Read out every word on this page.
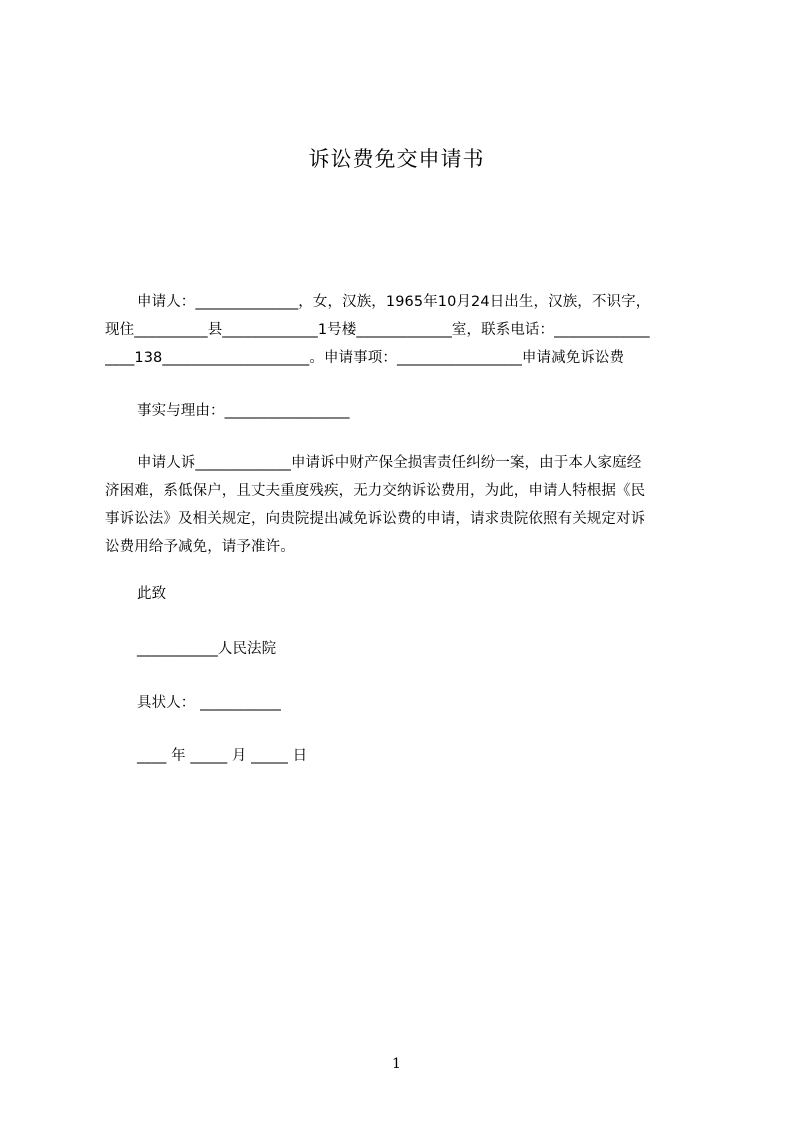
诉讼费免交申请书
申请人：______________，女，汉族，1965年10月24日出生，汉族，不识字，
现住__________县_____________1号楼_____________室，联系电话：_____________
____138____________________。申请事项：_________________申请减免诉讼费
事实与理由：_________________
申请人诉_____________申请诉中财产保全损害责任纠纷一案，由于本人家庭经
济困难，系低保户，且丈夫重度残疾，无力交纳诉讼费用，为此，申请人特根据《民
事诉讼法》及相关规定，向贵院提出减免诉讼费的申请，请求贵院依照有关规定对诉
讼费用给予减免，请予准许。
此致
___________人民法院
具状人： ___________
____ 年 _____ 月 _____ 日
1
